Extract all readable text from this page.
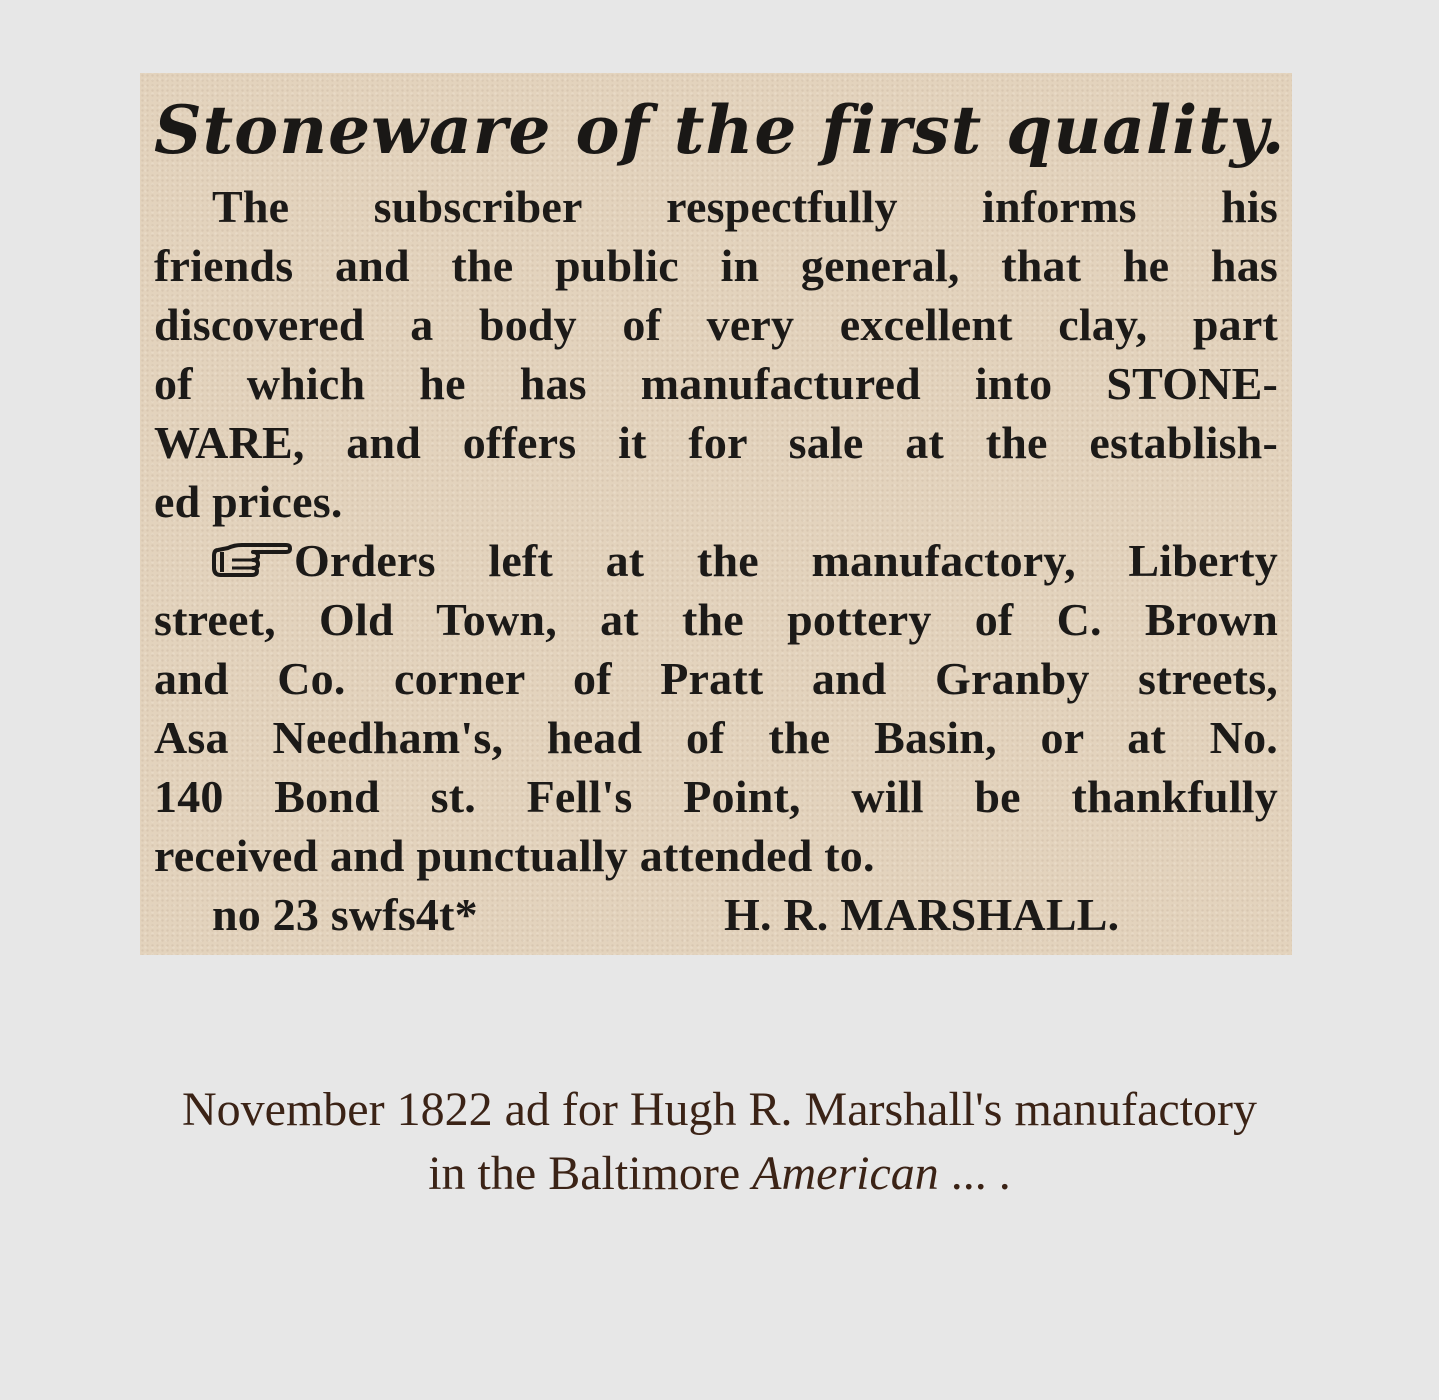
Stoneware of the first quality.
The subscriber respectfully informs his
friends and the public in general, that he has
discovered a body of very excellent clay, part
of which he has manufactured into STONE-
WARE, and offers it for sale at the establish-
ed prices.
Orders left at the manufactory, Liberty
street, Old Town, at the pottery of C. Brown
and Co. corner of Pratt and Granby streets,
Asa Needham's, head of the Basin, or at No.
140 Bond st. Fell's Point, will be thankfully
received and punctually attended to.
no 23 swfs4t*	H. R. MARSHALL.
November 1822 ad for Hugh R. Marshall's manufactory
in the Baltimore American ... .
